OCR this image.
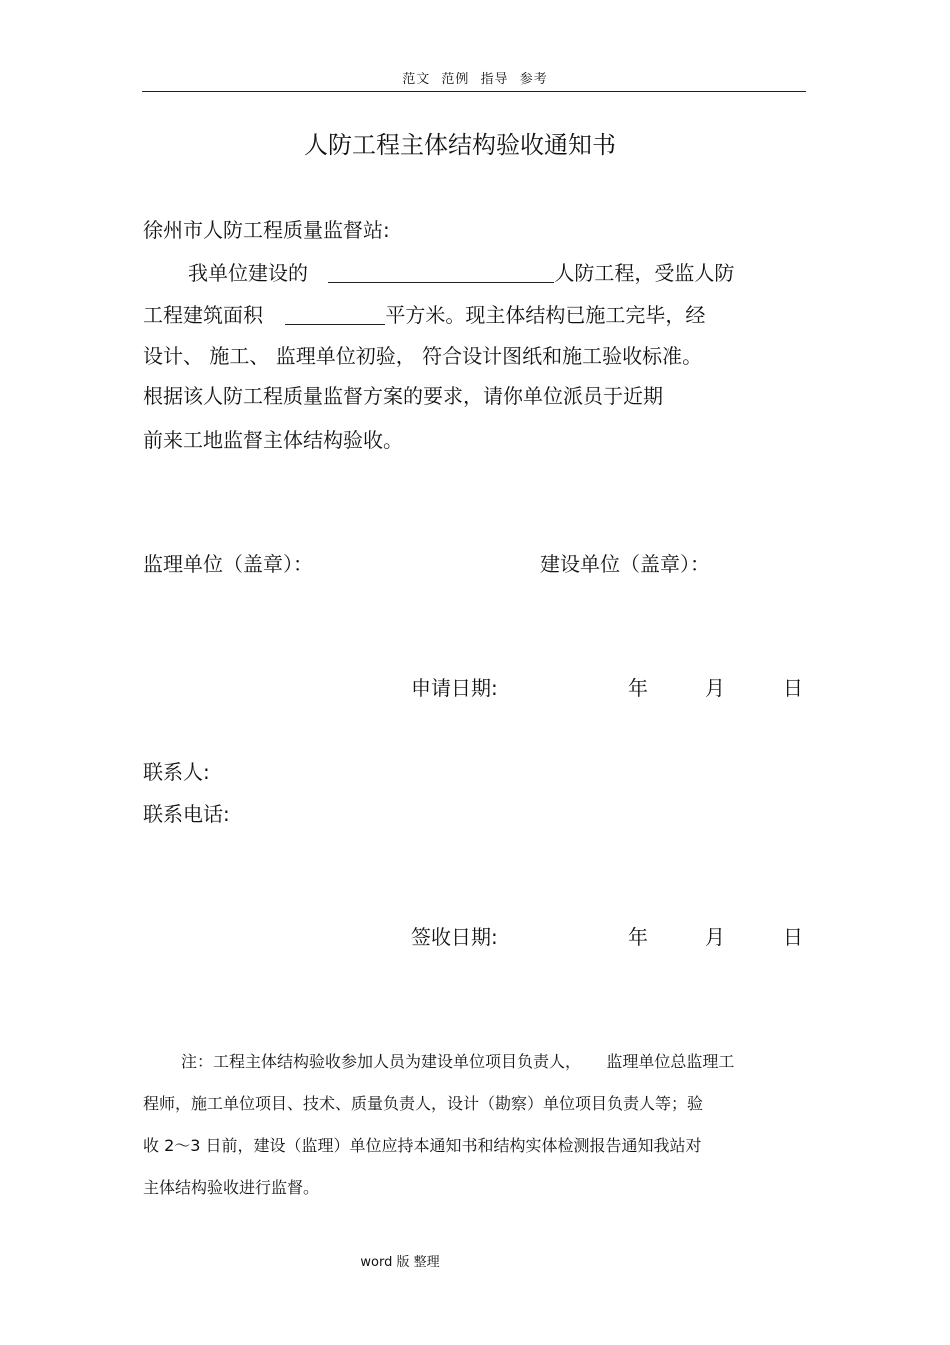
范文 范例 指导 参考
人防工程主体结构验收通知书
徐州市人防工程质量监督站:
我单位建设的	人防工程，受监人防
工程建筑面积	平方米。现主体结构已施工完毕，经
设计、 施工、 监理单位初验， 符合设计图纸和施工验收标准。
根据该人防工程质量监督方案的要求，请你单位派员于近期
前来工地监督主体结构验收。
监理单位（盖章）：	建设单位（盖章）：
申请日期:	年	月	日
联系人:
联系电话:
签收日期:	年	月	日
注：工程主体结构验收参加人员为建设单位项目负责人，     监理单位总监理工
程师，施工单位项目、技术、质量负责人，设计（勘察）单位项目负责人等；验
收 2～3 日前，建设（监理）单位应持本通知书和结构实体检测报告通知我站对
主体结构验收进行监督。
word 版 整理
